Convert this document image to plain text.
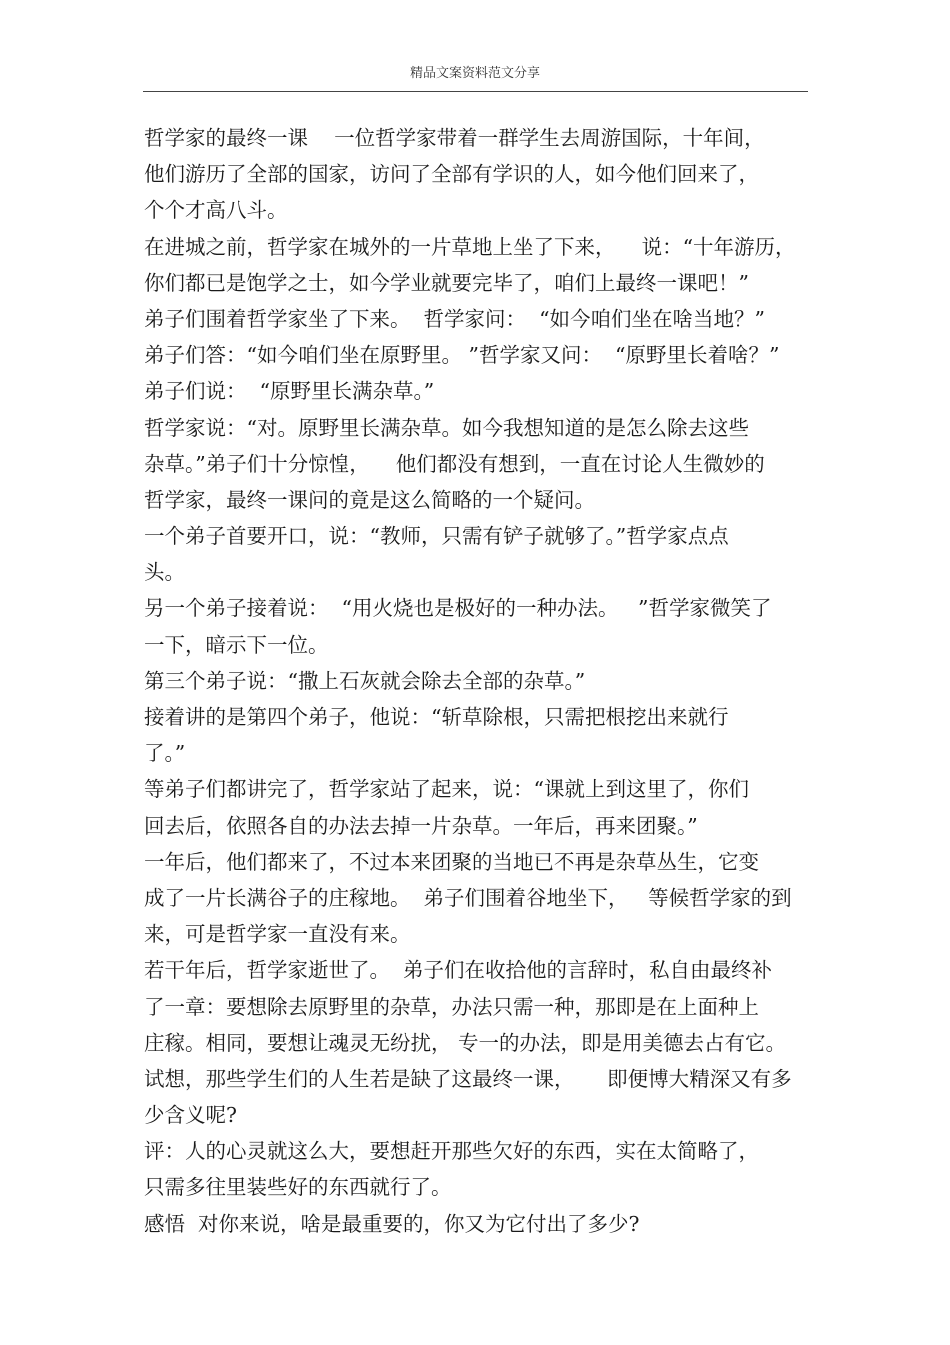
精品文案资料范文分享
哲学家的最终一课    一位哲学家带着一群学生去周游国际，十年间，
他们游历了全部的国家，访问了全部有学识的人，如今他们回来了，
个个才高八斗。
在进城之前，哲学家在城外的一片草地上坐了下来，    说：“十年游历，
你们都已是饱学之士，如今学业就要完毕了，咱们上最终一课吧！”
弟子们围着哲学家坐了下来。  哲学家问：  “如今咱们坐在啥当地？”
弟子们答：“如今咱们坐在原野里。 ”哲学家又问：  “原野里长着啥？”
弟子们说：  “原野里长满杂草。”
哲学家说：“对。原野里长满杂草。如今我想知道的是怎么除去这些
杂草。”弟子们十分惊惶，    他们都没有想到，一直在讨论人生微妙的
哲学家，最终一课问的竟是这么简略的一个疑问。
一个弟子首要开口，说：“教师，只需有铲子就够了。”哲学家点点
头。
另一个弟子接着说：  “用火烧也是极好的一种办法。   ”哲学家微笑了
一下，暗示下一位。
第三个弟子说：“撒上石灰就会除去全部的杂草。”
接着讲的是第四个弟子，他说：“斩草除根，只需把根挖出来就行
了。”
等弟子们都讲完了，哲学家站了起来，说：“课就上到这里了，你们
回去后，依照各自的办法去掉一片杂草。一年后，再来团聚。”
一年后，他们都来了，不过本来团聚的当地已不再是杂草丛生，它变
成了一片长满谷子的庄稼地。  弟子们围着谷地坐下，   等候哲学家的到
来，可是哲学家一直没有来。
若干年后，哲学家逝世了。  弟子们在收拾他的言辞时，私自由最终补
了一章：要想除去原野里的杂草，办法只需一种，那即是在上面种上
庄稼。相同，要想让魂灵无纷扰， 专一的办法，即是用美德去占有它。
试想，那些学生们的人生若是缺了这最终一课，     即便博大精深又有多
少含义呢?
评：人的心灵就这么大，要想赶开那些欠好的东西，实在太简略了，
只需多往里装些好的东西就行了。
感悟  对你来说，啥是最重要的，你又为它付出了多少?
